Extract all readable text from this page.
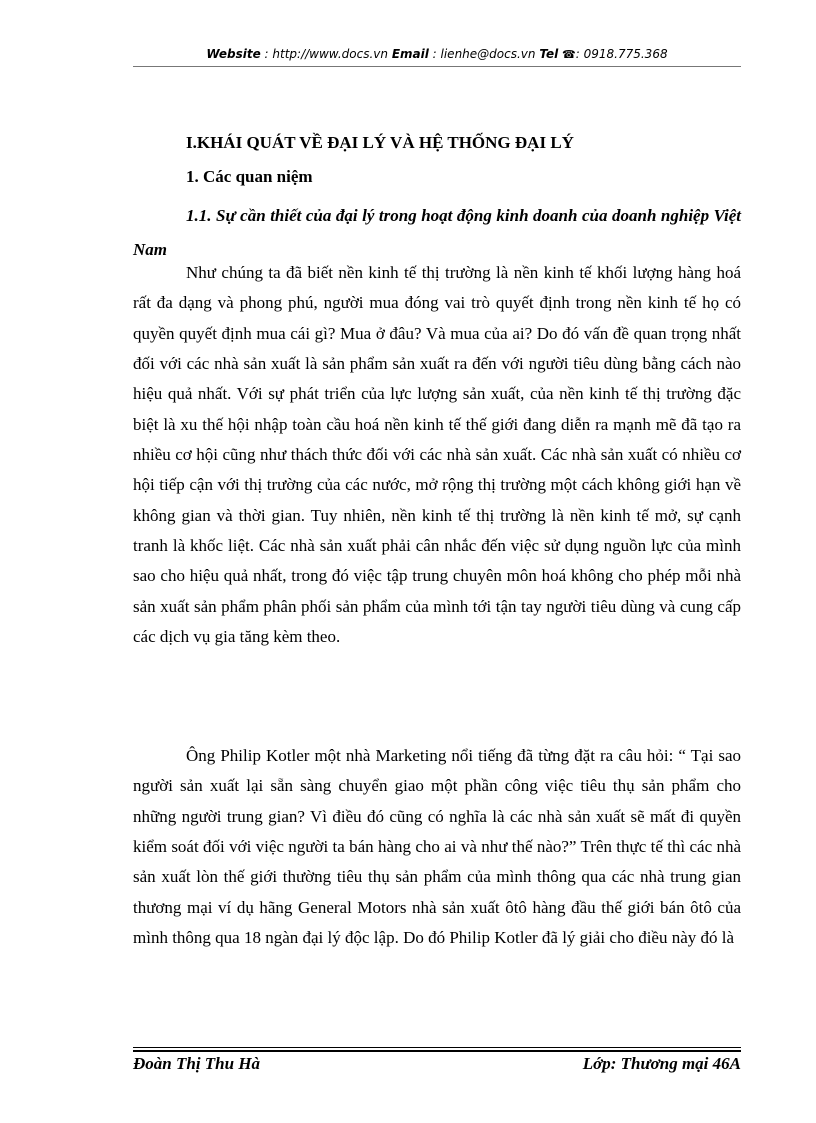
Website : http://www.docs.vn Email : lienhe@docs.vn Tel ☎: 0918.775.368
I.KHÁI QUÁT VỀ ĐẠI LÝ VÀ HỆ THỐNG ĐẠI LÝ
1. Các quan niệm
1.1. Sự cần thiết của đại lý trong hoạt động kinh doanh của doanh nghiệp Việt Nam
Như chúng ta đã biết nền kinh tế thị trường là nền kinh tế khối lượng hàng hoá rất đa dạng và phong phú, người mua đóng vai trò quyết định trong nền kinh tế họ có quyền quyết định mua cái gì? Mua ở đâu? Và mua của ai? Do đó vấn đề quan trọng nhất đối với các nhà sản xuất là sản phẩm sản xuất ra đến với người tiêu dùng bằng cách nào hiệu quả nhất. Với sự phát triển của lực lượng sản xuất, của nền kinh tế thị trường đặc biệt là xu thế hội nhập toàn cầu hoá nền kinh tế thế giới đang diễn ra mạnh mẽ đã tạo ra nhiều cơ hội cũng như thách thức đối với các nhà sản xuất. Các nhà sản xuất có nhiều cơ hội tiếp cận với thị trường của các nước, mở rộng thị trường một cách không giới hạn về không gian và thời gian. Tuy nhiên, nền kinh tế thị trường là nền kinh tế mở, sự cạnh tranh là khốc liệt. Các nhà sản xuất phải cân nhắc đến việc sử dụng nguồn lực của mình sao cho hiệu quả nhất, trong đó việc tập trung chuyên môn hoá không cho phép mỗi nhà sản xuất sản phẩm phân phối sản phẩm của mình tới tận tay người tiêu dùng và cung cấp các dịch vụ gia tăng kèm theo.
Ông Philip Kotler một nhà Marketing nổi tiếng đã từng đặt ra câu hỏi: “ Tại sao người sản xuất lại sẵn sàng chuyển giao một phần công việc tiêu thụ sản phẩm cho những người trung gian? Vì điều đó cũng có nghĩa là các nhà sản xuất sẽ mất đi quyền kiểm soát đối với việc người ta bán hàng cho ai và như thế nào?” Trên thực tế thì các nhà sản xuất lòn thế giới thường tiêu thụ sản phẩm của mình thông qua các nhà trung gian thương mại ví dụ hãng General Motors nhà sản xuất ôtô hàng đầu thế giới bán ôtô của mình thông qua 18 ngàn đại lý độc lập. Do đó Philip Kotler đã lý giải cho điều này đó là
Đoàn Thị Thu Hà	Lớp: Thương mại 46A
